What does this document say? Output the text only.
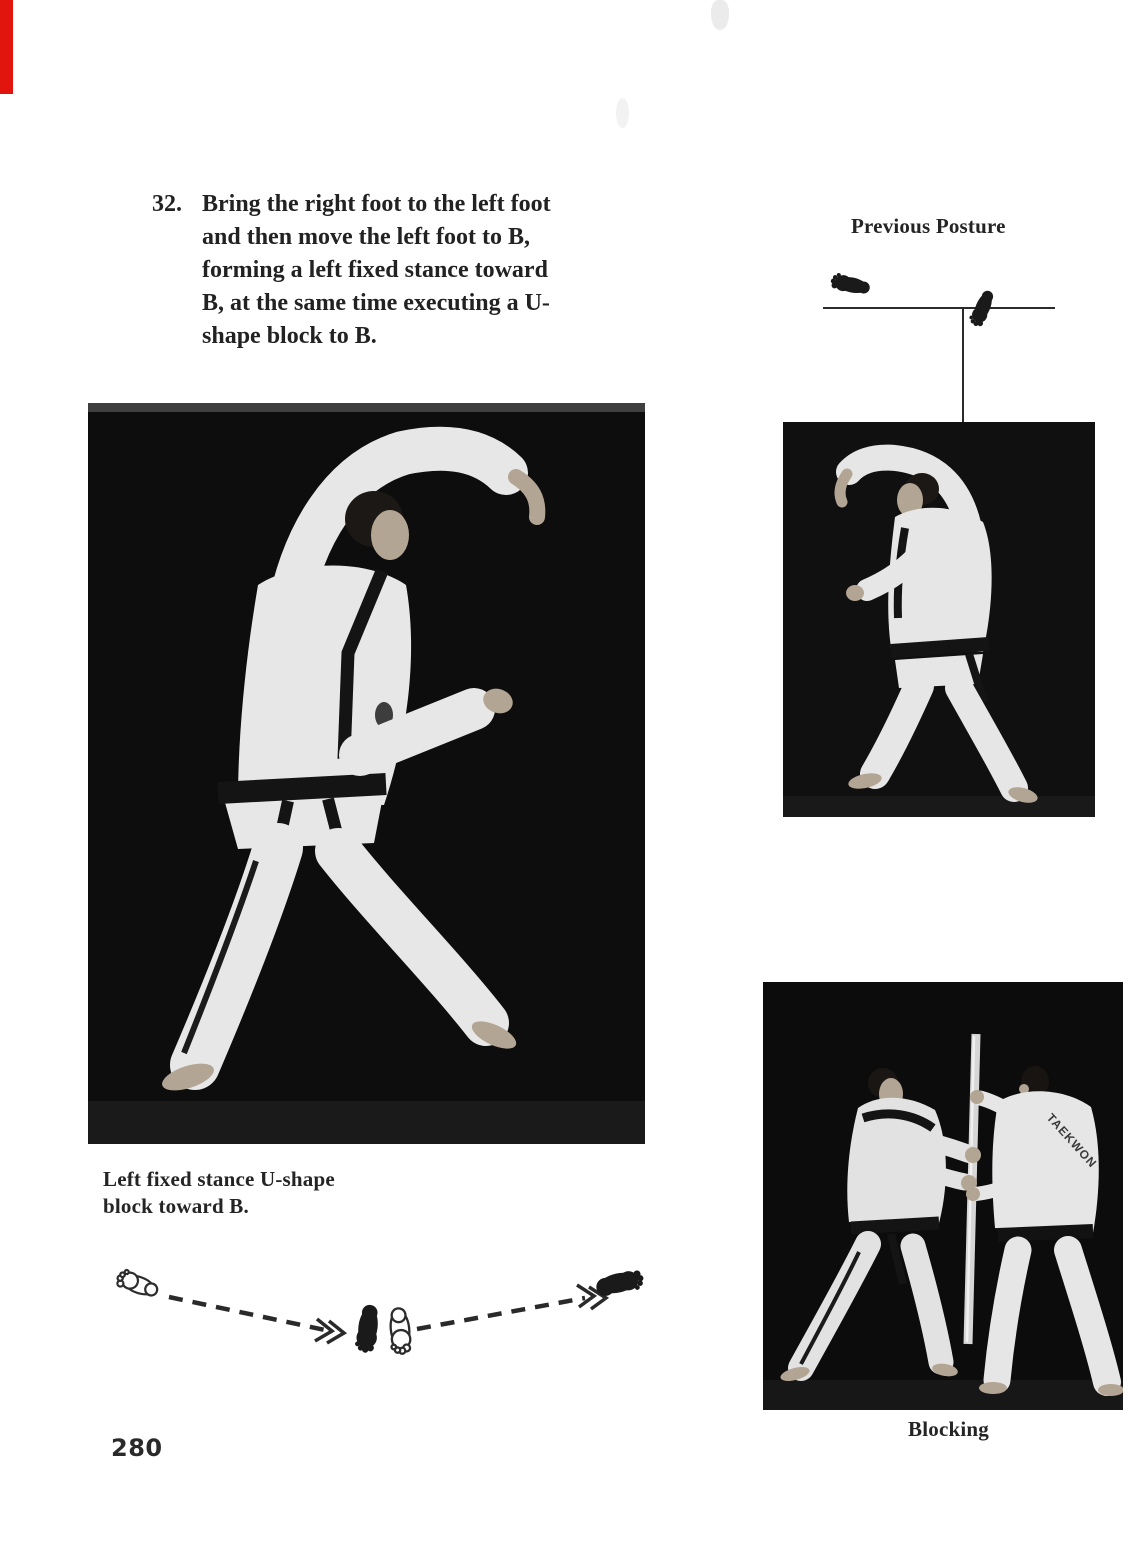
32. Bring the right foot to the left foot
and then move the left foot to B,
forming a left fixed stance toward
B, at the same time executing a U-
shape block to B.
Previous Posture
Left fixed stance U-shape
block toward B.
TAEKWON
Blocking
280
